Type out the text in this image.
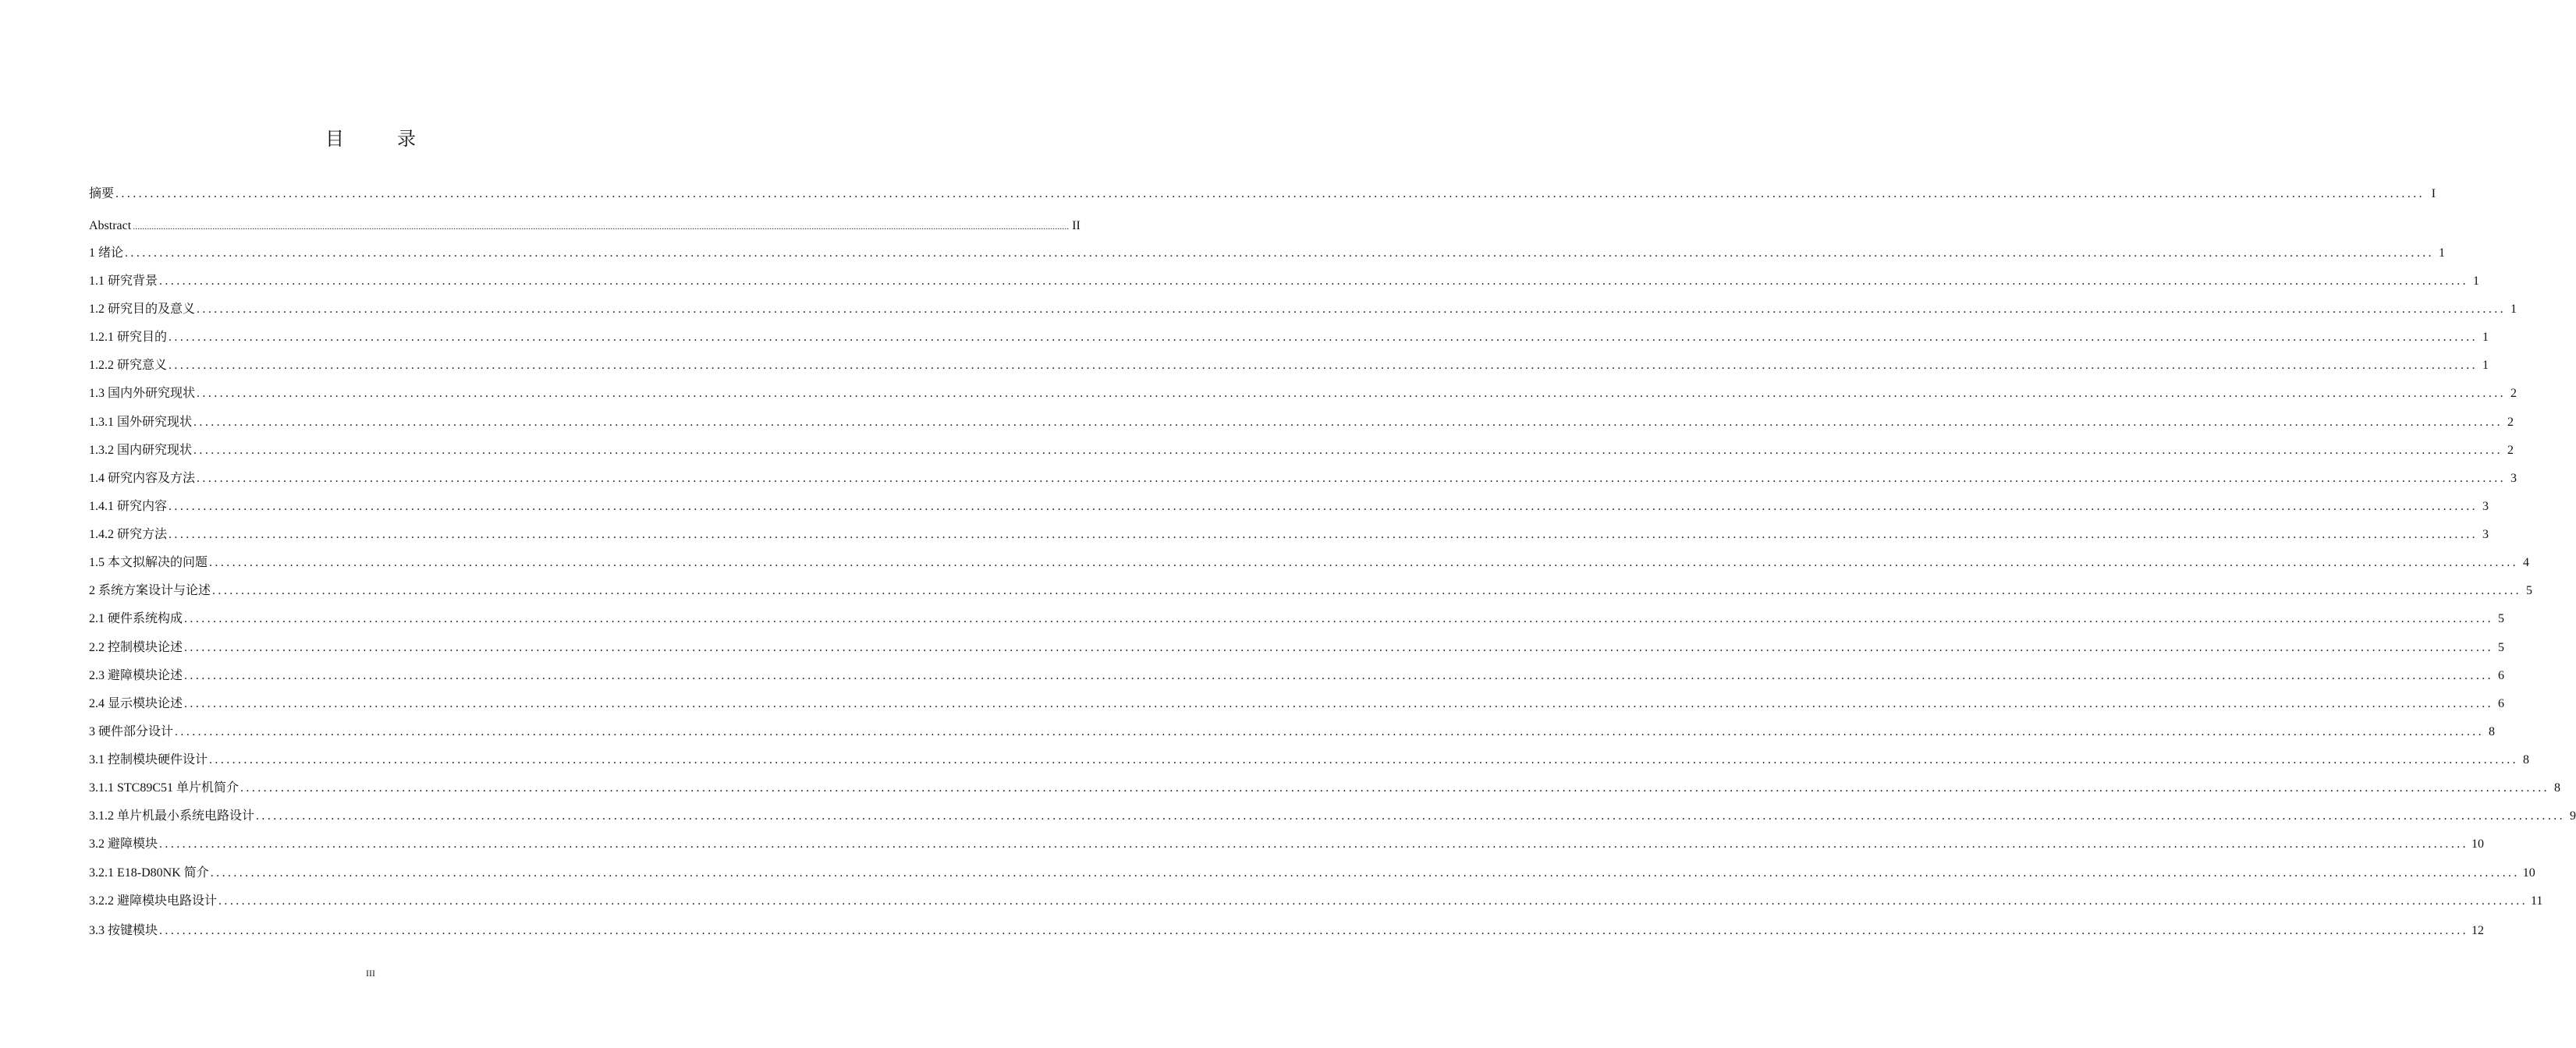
目　录
摘要 ................................................................................................................................................................................................................................................................................................................................................................................................................ I
Abstract ................................................................................................................................................................................................................................................................................................................................................................................................................ II
1 绪论 ................................................................................................................................................................................................................................................................................................................................................................................................................ 1
1.1 研究背景 ................................................................................................................................................................................................................................................................................................................................................................................................................ 1
1.2 研究目的及意义 ................................................................................................................................................................................................................................................................................................................................................................................................................ 1
1.2.1 研究目的 ................................................................................................................................................................................................................................................................................................................................................................................................................ 1
1.2.2 研究意义 ................................................................................................................................................................................................................................................................................................................................................................................................................ 1
1.3 国内外研究现状 ................................................................................................................................................................................................................................................................................................................................................................................................................ 2
1.3.1 国外研究现状 ................................................................................................................................................................................................................................................................................................................................................................................................................ 2
1.3.2 国内研究现状 ................................................................................................................................................................................................................................................................................................................................................................................................................ 2
1.4 研究内容及方法 ................................................................................................................................................................................................................................................................................................................................................................................................................ 3
1.4.1 研究内容 ................................................................................................................................................................................................................................................................................................................................................................................................................ 3
1.4.2 研究方法 ................................................................................................................................................................................................................................................................................................................................................................................................................ 3
1.5 本文拟解决的问题 ................................................................................................................................................................................................................................................................................................................................................................................................................ 4
2 系统方案设计与论述 ................................................................................................................................................................................................................................................................................................................................................................................................................ 5
2.1 硬件系统构成 ................................................................................................................................................................................................................................................................................................................................................................................................................ 5
2.2 控制模块论述 ................................................................................................................................................................................................................................................................................................................................................................................................................ 5
2.3 避障模块论述 ................................................................................................................................................................................................................................................................................................................................................................................................................ 6
2.4 显示模块论述 ................................................................................................................................................................................................................................................................................................................................................................................................................ 6
3 硬件部分设计 ................................................................................................................................................................................................................................................................................................................................................................................................................ 8
3.1 控制模块硬件设计 ................................................................................................................................................................................................................................................................................................................................................................................................................ 8
3.1.1 STC89C51 单片机简介 ................................................................................................................................................................................................................................................................................................................................................................................................................ 8
3.1.2 单片机最小系统电路设计 ................................................................................................................................................................................................................................................................................................................................................................................................................ 9
3.2 避障模块 ................................................................................................................................................................................................................................................................................................................................................................................................................ 10
3.2.1 E18-D80NK 简介 ................................................................................................................................................................................................................................................................................................................................................................................................................ 10
3.2.2 避障模块电路设计 ................................................................................................................................................................................................................................................................................................................................................................................................................ 11
3.3 按键模块 ................................................................................................................................................................................................................................................................................................................................................................................................................ 12
III
